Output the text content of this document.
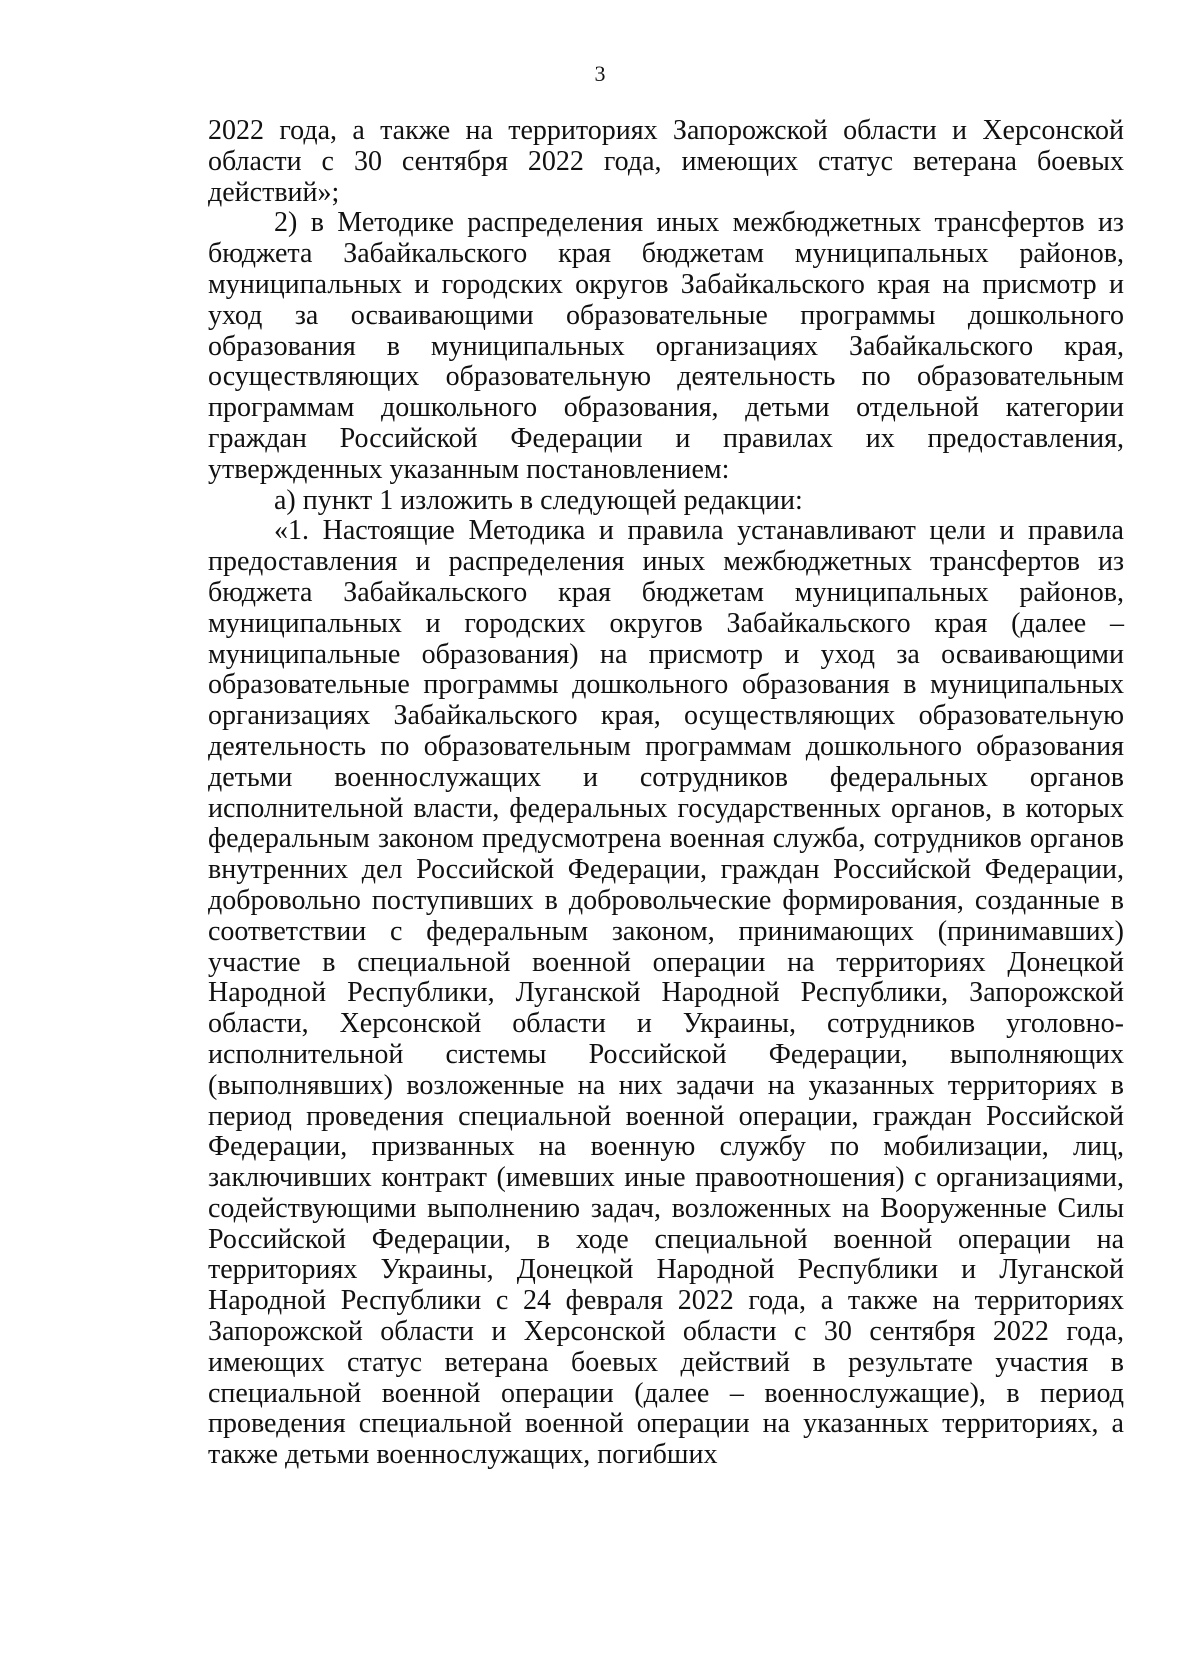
3

2022 года, а также на территориях Запорожской области и Херсонской области с 30 сентября 2022 года, имеющих статус ветерана боевых действий»;

2) в Методике распределения иных межбюджетных трансфертов из бюджета Забайкальского края бюджетам муниципальных районов, муниципальных и городских округов Забайкальского края на присмотр и уход за осваивающими образовательные программы дошкольного образования в муниципальных организациях Забайкальского края, осуществляющих образовательную деятельность по образовательным программам дошкольного образования, детьми отдельной категории граждан Российской Федерации и правилах их предоставления, утвержденных указанным постановлением:

а) пункт 1 изложить в следующей редакции:

«1. Настоящие Методика и правила устанавливают цели и правила предоставления и распределения иных межбюджетных трансфертов из бюджета Забайкальского края бюджетам муниципальных районов, муниципальных и городских округов Забайкальского края (далее – муниципальные образования) на присмотр и уход за осваивающими образовательные программы дошкольного образования в муниципальных организациях Забайкальского края, осуществляющих образовательную деятельность по образовательным программам дошкольного образования детьми военнослужащих и сотрудников федеральных органов исполнительной власти, федеральных государственных органов, в которых федеральным законом предусмотрена военная служба, сотрудников органов внутренних дел Российской Федерации, граждан Российской Федерации, добровольно поступивших в добровольческие формирования, созданные в соответствии с федеральным законом, принимающих (принимавших) участие в специальной военной операции на территориях Донецкой Народной Республики, Луганской Народной Республики, Запорожской области, Херсонской области и Украины, сотрудников уголовно-исполнительной системы Российской Федерации, выполняющих (выполнявших) возложенные на них задачи на указанных территориях в период проведения специальной военной операции, граждан Российской Федерации, призванных на военную службу по мобилизации, лиц, заключивших контракт (имевших иные правоотношения) с организациями, содействующими выполнению задач, возложенных на Вооруженные Силы Российской Федерации, в ходе специальной военной операции на территориях Украины, Донецкой Народной Республики и Луганской Народной Республики с 24 февраля 2022 года, а также на территориях Запорожской области и Херсонской области с 30 сентября 2022 года, имеющих статус ветерана боевых действий в результате участия в специальной военной операции (далее – военнослужащие), в период проведения специальной военной операции на указанных территориях, а также детьми военнослужащих, погибших
